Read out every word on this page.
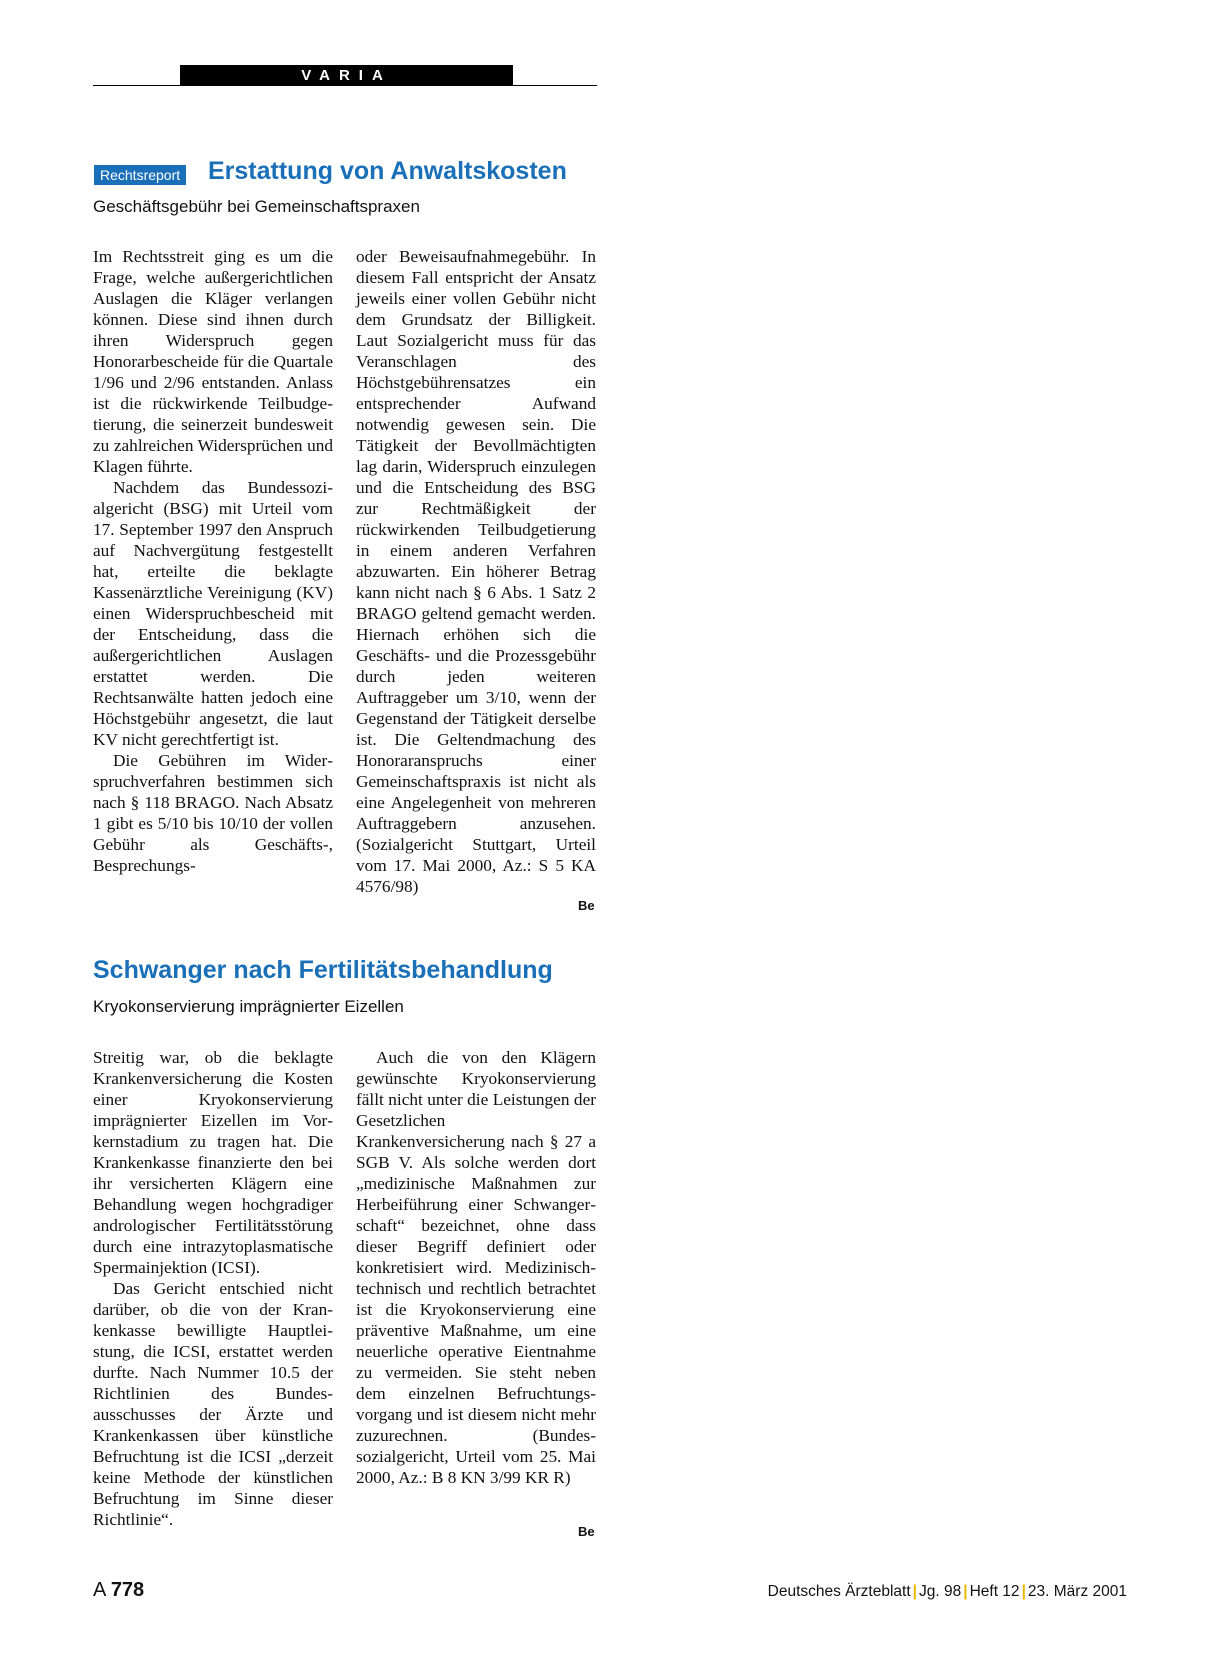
VARIA
Rechtsreport Erstattung von Anwaltskosten
Geschäftsgebühr bei Gemeinschaftspraxen

Im Rechtsstreit ging es um die Frage, welche außergerichtlichen Auslagen die Kläger verlangen können. Diese sind ihnen durch ihren Widerspruch gegen Honorarbescheide für die Quartale 1/96 und 2/96 entstanden. Anlass ist die rückwirkende Teilbudgetierung, die seinerzeit bundesweit zu zahlreichen Widersprüchen und Klagen führte.

Nachdem das Bundessozialgericht (BSG) mit Urteil vom 17. September 1997 den Anspruch auf Nachvergütung festgestellt hat, erteilte die beklagte Kassenärztliche Vereinigung (KV) einen Widerspruchbescheid mit der Entscheidung, dass die außergerichtlichen Auslagen erstattet werden. Die Rechtsanwälte hatten jedoch eine Höchstgebühr angesetzt, die laut KV nicht gerechtfertigt ist.

Die Gebühren im Widerspruchverfahren bestimmen sich nach § 118 BRAGO. Nach Absatz 1 gibt es 5/10 bis 10/10 der vollen Gebühr als Geschäfts-, Besprechungs-

oder Beweisaufnahmegebühr. In diesem Fall entspricht der Ansatz jeweils einer vollen Gebühr nicht dem Grundsatz der Billigkeit. Laut Sozialgericht muss für das Veranschlagen des Höchstgebührensatzes ein entsprechender Aufwand notwendig gewesen sein. Die Tätigkeit der Bevollmächtigten lag darin, Widerspruch einzulegen und die Entscheidung des BSG zur Rechtmäßigkeit der rückwirkenden Teilbudgetierung in einem anderen Verfahren abzuwarten. Ein höherer Betrag kann nicht nach § 6 Abs. 1 Satz 2 BRAGO geltend gemacht werden. Hiernach erhöhen sich die Geschäfts- und die Prozessgebühr durch jeden weiteren Auftraggeber um 3/10, wenn der Gegenstand der Tätigkeit derselbe ist. Die Geltendmachung des Honoraranspruchs einer Gemeinschaftspraxis ist nicht als eine Angelegenheit von mehreren Auftraggebern anzusehen. (Sozialgericht Stuttgart, Urteil vom 17. Mai 2000, Az.: S 5 KA 4576/98)

Be
Schwanger nach Fertilitätsbehandlung
Kryokonservierung imprägnierter Eizellen

Streitig war, ob die beklagte Krankenversicherung die Kosten einer Kryokonservierung imprägnierter Eizellen im Vorkernstadium zu tragen hat. Die Krankenkasse finanzierte den bei ihr versicherten Klägern eine Behandlung wegen hochgradiger andrologischer Fertilitätsstörung durch eine intrazytoplasmatische Spermainjektion (ICSI).

Das Gericht entschied nicht darüber, ob die von der Krankenkasse bewilligte Hauptleistung, die ICSI, erstattet werden durfte. Nach Nummer 10.5 der Richtlinien des Bundesausschusses der Ärzte und Krankenkassen über künstliche Befruchtung ist die ICSI „derzeit keine Methode der künstlichen Befruchtung im Sinne dieser Richtlinie“.

Auch die von den Klägern gewünschte Kryokonservierung fällt nicht unter die Leistungen der Gesetzlichen Krankenversicherung nach § 27 a SGB V. Als solche werden dort „medizinische Maßnahmen zur Herbeiführung einer Schwangerschaft“ bezeichnet, ohne dass dieser Begriff definiert oder konkretisiert wird. Medizinisch-technisch und rechtlich betrachtet ist die Kryokonservierung eine präventive Maßnahme, um eine neuerliche operative Eientnahme zu vermeiden. Sie steht neben dem einzelnen Befruchtungsvorgang und ist diesem nicht mehr zuzurechnen. (Bundessozialgericht, Urteil vom 25. Mai 2000, Az.: B 8 KN 3/99 KR R)

Be
A 778	Deutsches Ärzteblatt | Jg. 98 | Heft 12 | 23. März 2001
